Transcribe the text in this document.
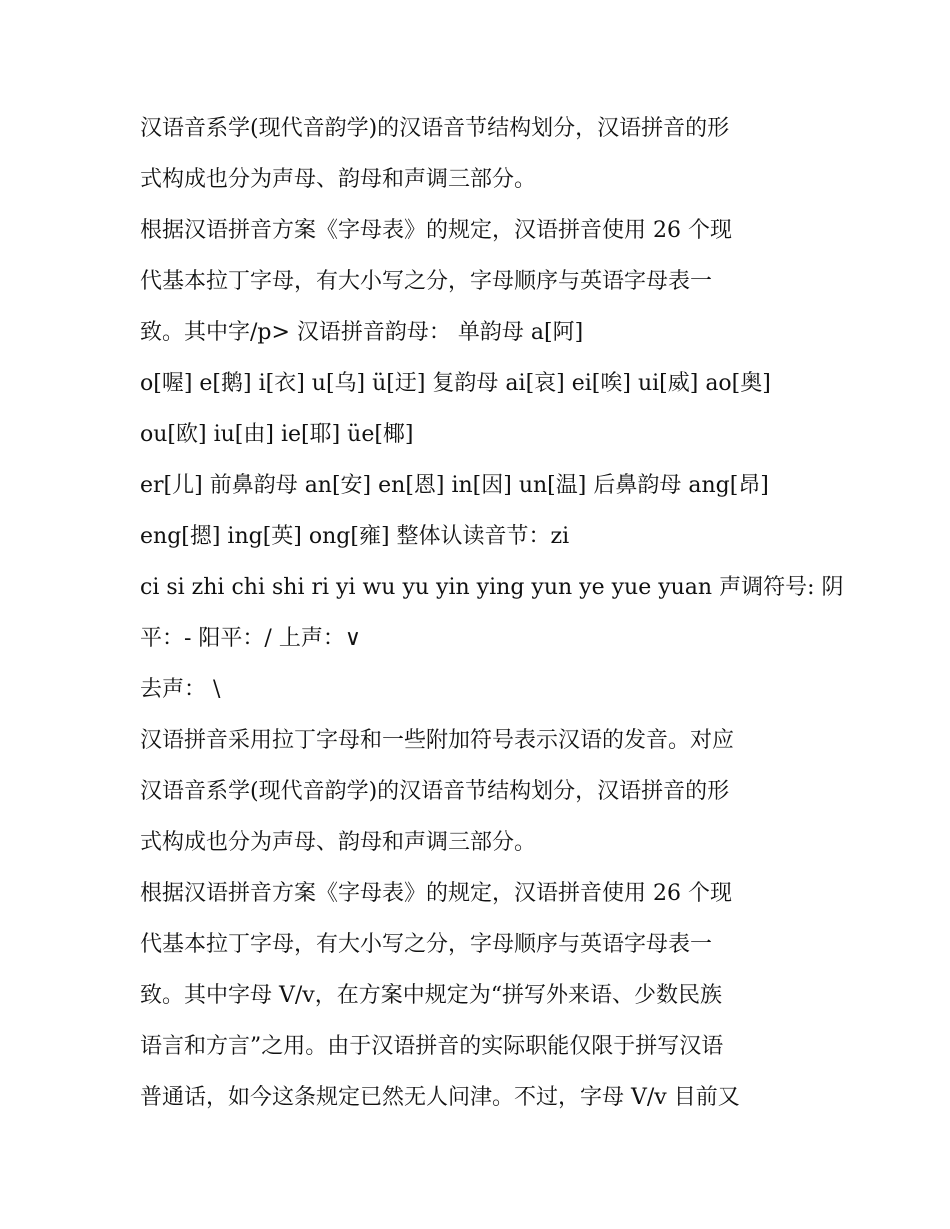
汉语音系学(现代音韵学)的汉语音节结构划分，汉语拼音的形
式构成也分为声母、韵母和声调三部分。
根据汉语拼音方案《字母表》的规定，汉语拼音使用 26 个现
代基本拉丁字母，有大小写之分，字母顺序与英语字母表一
致。其中字/p> 汉语拼音韵母： 单韵母 a[阿]
o[喔] e[鹅] i[衣] u[乌] ü[迂] 复韵母 ai[哀] ei[唉] ui[威] ao[奥]
ou[欧] iu[由] ie[耶] üe[椰]
er[儿] 前鼻韵母 an[安] en[恩] in[因] un[温] 后鼻韵母 ang[昂]
eng[摁] ing[英] ong[雍] 整体认读音节：zi
ci si zhi chi shi ri yi wu yu yin ying yun ye yue yuan 声调符号: 阴
平：- 阳平：/ 上声：∨
去声： \
汉语拼音采用拉丁字母和一些附加符号表示汉语的发音。对应
汉语音系学(现代音韵学)的汉语音节结构划分，汉语拼音的形
式构成也分为声母、韵母和声调三部分。
根据汉语拼音方案《字母表》的规定，汉语拼音使用 26 个现
代基本拉丁字母，有大小写之分，字母顺序与英语字母表一
致。其中字母 V/v，在方案中规定为“拼写外来语、少数民族
语言和方言”之用。由于汉语拼音的实际职能仅限于拼写汉语
普通话，如今这条规定已然无人问津。不过，字母 V/v 目前又
